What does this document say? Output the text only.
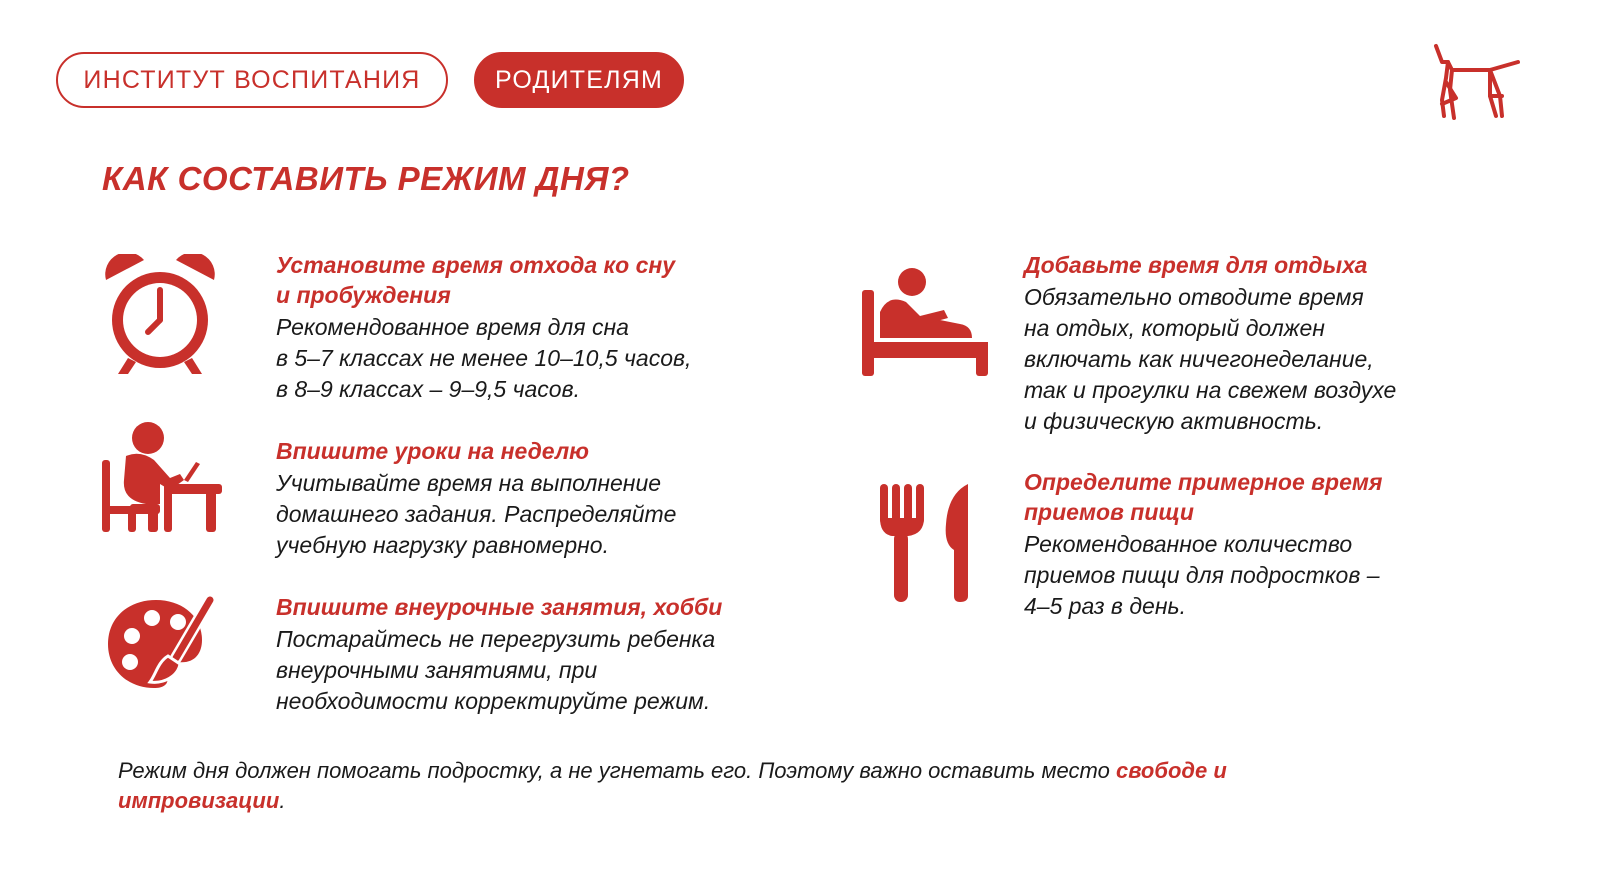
ИНСТИТУТ ВОСПИТАНИЯ	РОДИТЕЛЯМ
КАК СОСТАВИТЬ РЕЖИМ ДНЯ?

Установите время отхода ко сну
и пробуждения

Рекомендованное время для сна
в 5–7 классах не менее 10–10,5 часов,
в 8–9 классах – 9–9,5 часов.

Впишите уроки на неделю

Учитывайте время на выполнение
домашнего задания. Распределяйте
учебную нагрузку равномерно.

Впишите внеурочные занятия, хобби

Постарайтесь не перегрузить ребенка
внеурочными занятиями, при
необходимости корректируйте режим.

Добавьте время для отдыха

Обязательно отводите время
на отдых, который должен
включать как ничегонеделание,
так и прогулки на свежем воздухе
и физическую активность.

Определите примерное время
приемов пищи

Рекомендованное количество
приемов пищи для подростков –
4–5 раз в день.

Режим дня должен помогать подростку, а не угнетать его. Поэтому важно оставить место свободе и импровизации.
